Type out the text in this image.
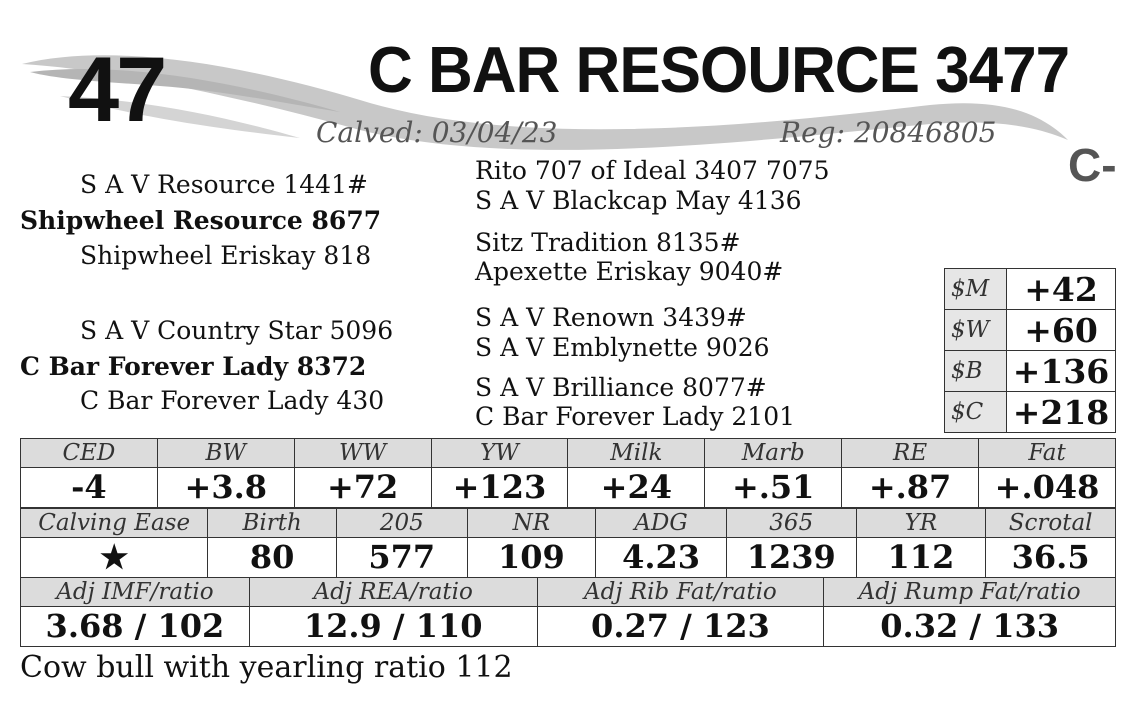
47	C BAR RESOURCE 3477
Calved: 03/04/23	Reg: 20846805
C-
S A V Resource 1441#
Shipwheel Resource 8677
Shipwheel Eriskay 818
Rito 707 of Ideal 3407 7075
S A V Blackcap May 4136
Sitz Tradition 8135#
Apexette Eriskay 9040#
S A V Country Star 5096
C Bar Forever Lady 8372
C Bar Forever Lady 430
S A V Renown 3439#
S A V Emblynette 9026
S A V Brilliance 8077#
C Bar Forever Lady 2101
$M	+42
$W	+60
$B	+136
$C	+218
CED	BW	WW	YW	Milk	Marb	RE	Fat
-4	+3.8	+72	+123	+24	+.51	+.87	+.048
Calving Ease	Birth	205	NR	ADG	365	YR	Scrotal
★	80	577	109	4.23	1239	112	36.5
Adj IMF/ratio	Adj REA/ratio	Adj Rib Fat/ratio	Adj Rump Fat/ratio
3.68 / 102	12.9 / 110	0.27 / 123	0.32 / 133
Cow bull with yearling ratio 112
